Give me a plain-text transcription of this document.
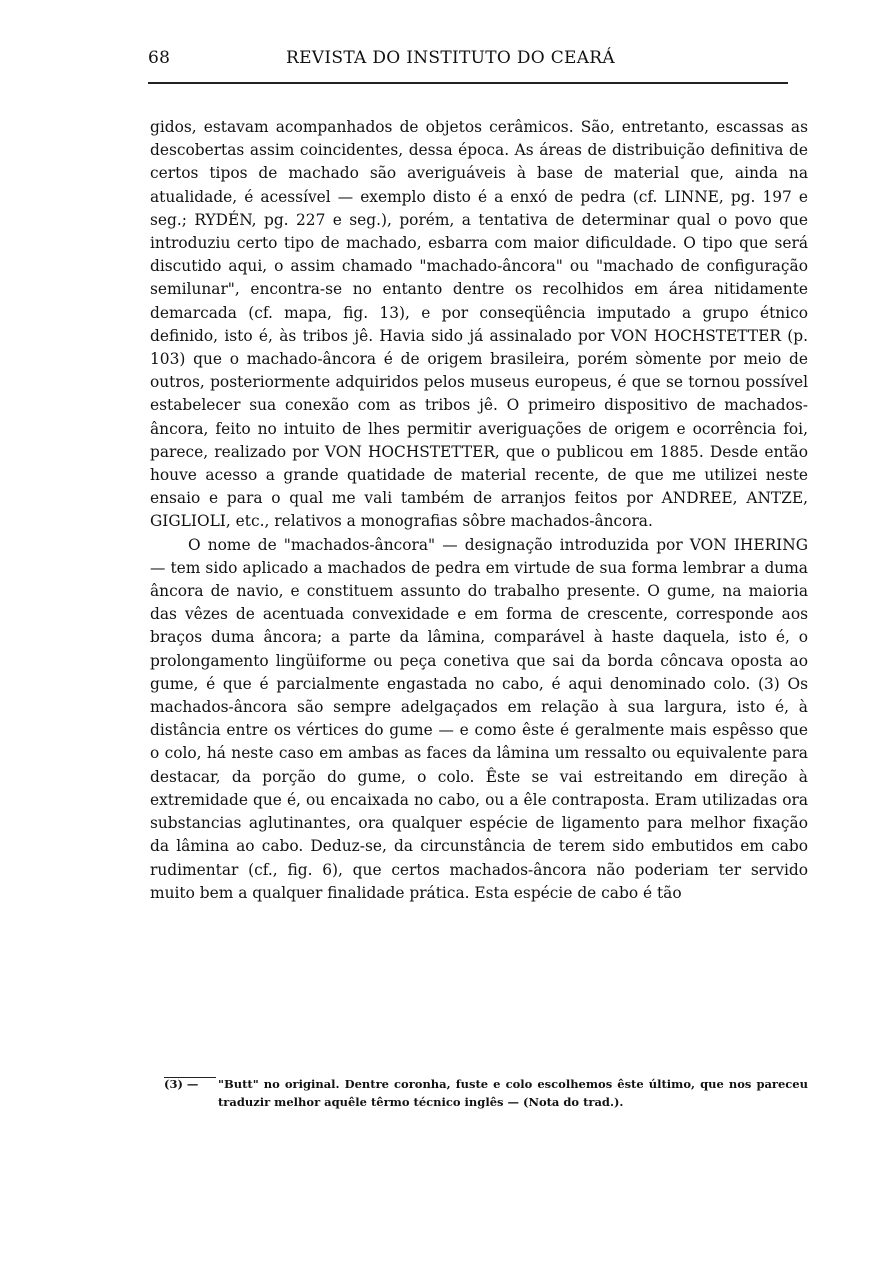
68	REVISTA DO INSTITUTO DO CEARÁ

gidos, estavam acompanhados de objetos cerâmicos. São, entretanto, escassas as descobertas assim coincidentes, dessa época. As áreas de distribuição definitiva de certos tipos de machado são averiguáveis à base de material que, ainda na atualidade, é acessível — exemplo disto é a enxó de pedra (cf. LINNE, pg. 197 e seg.; RYDÉN, pg. 227 e seg.), porém, a tentativa de determinar qual o povo que introduziu certo tipo de machado, esbarra com maior dificuldade. O tipo que será discutido aqui, o assim chamado "machado-âncora" ou "machado de configuração semilunar", encontra-se no entanto dentre os recolhidos em área nitidamente demarcada (cf. mapa, fig. 13), e por conseqüência imputado a grupo étnico definido, isto é, às tribos jê. Havia sido já assinalado por VON HOCHSTETTER (p. 103) que o machado-âncora é de origem brasileira, porém sòmente por meio de outros, posteriormente adquiridos pelos museus europeus, é que se tornou possível estabelecer sua conexão com as tribos jê. O primeiro dispositivo de machados-âncora, feito no intuito de lhes permitir averiguações de origem e ocorrência foi, parece, realizado por VON HOCHSTETTER, que o publicou em 1885. Desde então houve acesso a grande quatidade de material recente, de que me utilizei neste ensaio e para o qual me vali também de arranjos feitos por ANDREE, ANTZE, GIGLIOLI, etc., relativos a monografias sôbre machados-âncora.

O nome de "machados-âncora" — designação introduzida por VON IHERING — tem sido aplicado a machados de pedra em virtude de sua forma lembrar a duma âncora de navio, e constituem assunto do trabalho presente. O gume, na maioria das vêzes de acentuada convexidade e em forma de crescente, corresponde aos braços duma âncora; a parte da lâmina, comparável à haste daquela, isto é, o prolongamento lingüiforme ou peça conetiva que sai da borda côncava oposta ao gume, é que é parcialmente engastada no cabo, é aqui denominado colo. (3) Os machados-âncora são sempre adelgaçados em relação à sua largura, isto é, à distância entre os vértices do gume — e como êste é geralmente mais espêsso que o colo, há neste caso em ambas as faces da lâmina um ressalto ou equivalente para destacar, da porção do gume, o colo. Êste se vai estreitando em direção à extremidade que é, ou encaixada no cabo, ou a êle contraposta. Eram utilizadas ora substancias aglutinantes, ora qualquer espécie de ligamento para melhor fixação da lâmina ao cabo. Deduz-se, da circunstância de terem sido embutidos em cabo rudimentar (cf., fig. 6), que certos machados-âncora não poderiam ter servido muito bem a qualquer finalidade prática. Esta espécie de cabo é tão

(3) — "Butt" no original. Dentre coronha, fuste e colo escolhemos êste último, que nos pareceu traduzir melhor aquêle têrmo técnico inglês — (Nota do trad.).
